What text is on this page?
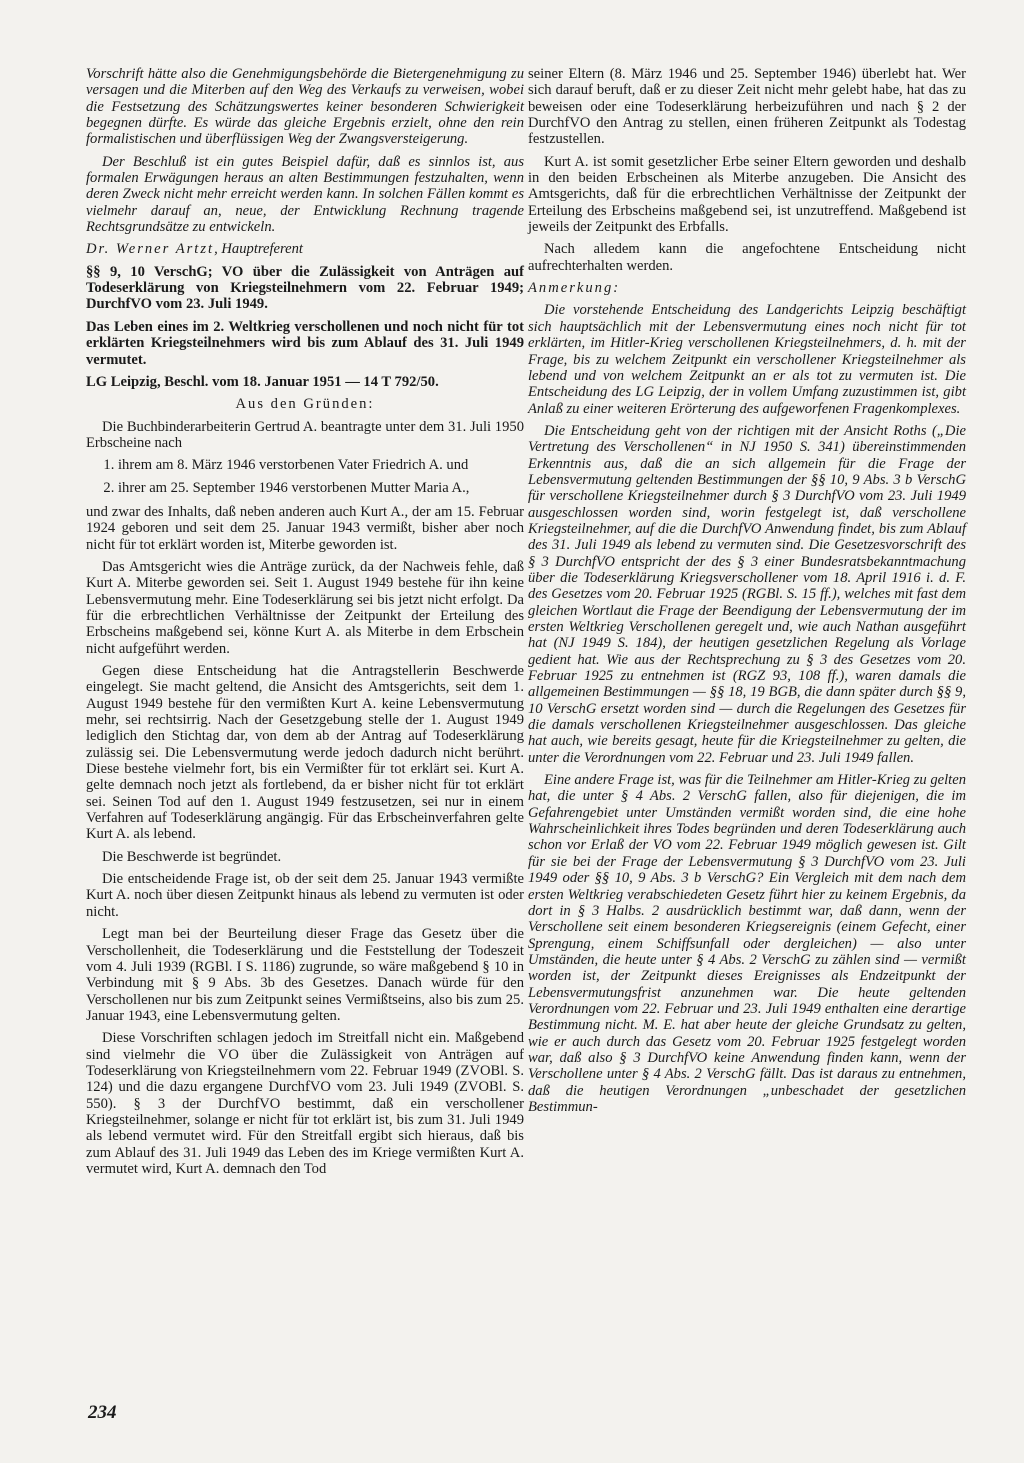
Vorschrift hätte also die Genehmigungsbehörde die Bietergenehmigung zu versagen und die Miterben auf den Weg des Verkaufs zu verweisen, wobei die Festsetzung des Schätzungswertes keiner besonderen Schwierigkeit begegnen dürfte. Es würde das gleiche Ergebnis erzielt, ohne den rein formalistischen und überflüssigen Weg der Zwangsversteigerung.

Der Beschluß ist ein gutes Beispiel dafür, daß es sinnlos ist, aus formalen Erwägungen heraus an alten Bestimmungen festzuhalten, wenn deren Zweck nicht mehr erreicht werden kann. In solchen Fällen kommt es vielmehr darauf an, neue, der Entwicklung Rechnung tragende Rechtsgrundsätze zu entwickeln.

Dr. Werner Artzt, Hauptreferent

§§ 9, 10 VerschG; VO über die Zulässigkeit von Anträgen auf Todeserklärung von Kriegsteilnehmern vom 22. Februar 1949; DurchfVO vom 23. Juli 1949.

Das Leben eines im 2. Weltkrieg verschollenen und noch nicht für tot erklärten Kriegsteilnehmers wird bis zum Ablauf des 31. Juli 1949 vermutet.

LG Leipzig, Beschl. vom 18. Januar 1951 — 14 T 792/50.

Aus den Gründen:

Die Buchbinderarbeiterin Gertrud A. beantragte unter dem 31. Juli 1950 Erbscheine nach

1. ihrem am 8. März 1946 verstorbenen Vater Friedrich A. und
2. ihrer am 25. September 1946 verstorbenen Mutter Maria A.,

und zwar des Inhalts, daß neben anderen auch Kurt A., der am 15. Februar 1924 geboren und seit dem 25. Januar 1943 vermißt, bisher aber noch nicht für tot erklärt worden ist, Miterbe geworden ist.

Das Amtsgericht wies die Anträge zurück, da der Nachweis fehle, daß Kurt A. Miterbe geworden sei. Seit 1. August 1949 bestehe für ihn keine Lebensvermutung mehr. Eine Todeserklärung sei bis jetzt nicht erfolgt. Da für die erbrechtlichen Verhältnisse der Zeitpunkt der Erteilung des Erbscheins maßgebend sei, könne Kurt A. als Miterbe in dem Erbschein nicht aufgeführt werden.

Gegen diese Entscheidung hat die Antragstellerin Beschwerde eingelegt. Sie macht geltend, die Ansicht des Amtsgerichts, seit dem 1. August 1949 bestehe für den vermißten Kurt A. keine Lebensvermutung mehr, sei rechtsirrig. Nach der Gesetzgebung stelle der 1. August 1949 lediglich den Stichtag dar, von dem ab der Antrag auf Todeserklärung zulässig sei. Die Lebensvermutung werde jedoch dadurch nicht berührt. Diese bestehe vielmehr fort, bis ein Vermißter für tot erklärt sei. Kurt A. gelte demnach noch jetzt als fortlebend, da er bisher nicht für tot erklärt sei. Seinen Tod auf den 1. August 1949 festzusetzen, sei nur in einem Verfahren auf Todeserklärung angängig. Für das Erbscheinverfahren gelte Kurt A. als lebend.

Die Beschwerde ist begründet.

Die entscheidende Frage ist, ob der seit dem 25. Januar 1943 vermißte Kurt A. noch über diesen Zeitpunkt hinaus als lebend zu vermuten ist oder nicht.

Legt man bei der Beurteilung dieser Frage das Gesetz über die Verschollenheit, die Todeserklärung und die Feststellung der Todeszeit vom 4. Juli 1939 (RGBl. I S. 1186) zugrunde, so wäre maßgebend § 10 in Verbindung mit § 9 Abs. 3b des Gesetzes. Danach würde für den Verschollenen nur bis zum Zeitpunkt seines Vermißtseins, also bis zum 25. Januar 1943, eine Lebensvermutung gelten.

Diese Vorschriften schlagen jedoch im Streitfall nicht ein. Maßgebend sind vielmehr die VO über die Zulässigkeit von Anträgen auf Todeserklärung von Kriegsteilnehmern vom 22. Februar 1949 (ZVOBl. S. 124) und die dazu ergangene DurchfVO vom 23. Juli 1949 (ZVOBl. S. 550). § 3 der DurchfVO bestimmt, daß ein verschollener Kriegsteilnehmer, solange er nicht für tot erklärt ist, bis zum 31. Juli 1949 als lebend vermutet wird. Für den Streitfall ergibt sich hieraus, daß bis zum Ablauf des 31. Juli 1949 das Leben des im Kriege vermißten Kurt A. vermutet wird, Kurt A. demnach den Tod

seiner Eltern (8. März 1946 und 25. September 1946) überlebt hat. Wer sich darauf beruft, daß er zu dieser Zeit nicht mehr gelebt habe, hat das zu beweisen oder eine Todeserklärung herbeizuführen und nach § 2 der DurchfVO den Antrag zu stellen, einen früheren Zeitpunkt als Todestag festzustellen.

Kurt A. ist somit gesetzlicher Erbe seiner Eltern geworden und deshalb in den beiden Erbscheinen als Miterbe anzugeben. Die Ansicht des Amtsgerichts, daß für die erbrechtlichen Verhältnisse der Zeitpunkt der Erteilung des Erbscheins maßgebend sei, ist unzutreffend. Maßgebend ist jeweils der Zeitpunkt des Erbfalls.

Nach alledem kann die angefochtene Entscheidung nicht aufrechterhalten werden.

Anmerkung:

Die vorstehende Entscheidung des Landgerichts Leipzig beschäftigt sich hauptsächlich mit der Lebensvermutung eines noch nicht für tot erklärten, im Hitler-Krieg verschollenen Kriegsteilnehmers, d. h. mit der Frage, bis zu welchem Zeitpunkt ein verschollener Kriegsteilnehmer als lebend und von welchem Zeitpunkt an er als tot zu vermuten ist. Die Entscheidung des LG Leipzig, der in vollem Umfang zuzustimmen ist, gibt Anlaß zu einer weiteren Erörterung des aufgeworfenen Fragenkomplexes.

Die Entscheidung geht von der richtigen mit der Ansicht Roths („Die Vertretung des Verschollenen“ in NJ 1950 S. 341) übereinstimmenden Erkenntnis aus, daß die an sich allgemein für die Frage der Lebensvermutung geltenden Bestimmungen der §§ 10, 9 Abs. 3 b VerschG für verschollene Kriegsteilnehmer durch § 3 DurchfVO vom 23. Juli 1949 ausgeschlossen worden sind, worin festgelegt ist, daß verschollene Kriegsteilnehmer, auf die die DurchfVO Anwendung findet, bis zum Ablauf des 31. Juli 1949 als lebend zu vermuten sind. Die Gesetzesvorschrift des § 3 DurchfVO entspricht der des § 3 einer Bundesratsbekanntmachung über die Todeserklärung Kriegsverschollener vom 18. April 1916 i. d. F. des Gesetzes vom 20. Februar 1925 (RGBl. S. 15 ff.), welches mit fast dem gleichen Wortlaut die Frage der Beendigung der Lebensvermutung der im ersten Weltkrieg Verschollenen geregelt und, wie auch Nathan ausgeführt hat (NJ 1949 S. 184), der heutigen gesetzlichen Regelung als Vorlage gedient hat. Wie aus der Rechtsprechung zu § 3 des Gesetzes vom 20. Februar 1925 zu entnehmen ist (RGZ 93, 108 ff.), waren damals die allgemeinen Bestimmungen — §§ 18, 19 BGB, die dann später durch §§ 9, 10 VerschG ersetzt worden sind — durch die Regelungen des Gesetzes für die damals verschollenen Kriegsteilnehmer ausgeschlossen. Das gleiche hat auch, wie bereits gesagt, heute für die Kriegsteilnehmer zu gelten, die unter die Verordnungen vom 22. Februar und 23. Juli 1949 fallen.

Eine andere Frage ist, was für die Teilnehmer am Hitler-Krieg zu gelten hat, die unter § 4 Abs. 2 VerschG fallen, also für diejenigen, die im Gefahrengebiet unter Umständen vermißt worden sind, die eine hohe Wahrscheinlichkeit ihres Todes begründen und deren Todeserklärung auch schon vor Erlaß der VO vom 22. Februar 1949 möglich gewesen ist. Gilt für sie bei der Frage der Lebensvermutung § 3 DurchfVO vom 23. Juli 1949 oder §§ 10, 9 Abs. 3 b VerschG? Ein Vergleich mit dem nach dem ersten Weltkrieg verabschiedeten Gesetz führt hier zu keinem Ergebnis, da dort in § 3 Halbs. 2 ausdrücklich bestimmt war, daß dann, wenn der Verschollene seit einem besonderen Kriegsereignis (einem Gefecht, einer Sprengung, einem Schiffsunfall oder dergleichen) — also unter Umständen, die heute unter § 4 Abs. 2 VerschG zu zählen sind — vermißt worden ist, der Zeitpunkt dieses Ereignisses als Endzeitpunkt der Lebensvermutungsfrist anzunehmen war. Die heute geltenden Verordnungen vom 22. Februar und 23. Juli 1949 enthalten eine derartige Bestimmung nicht. M. E. hat aber heute der gleiche Grundsatz zu gelten, wie er auch durch das Gesetz vom 20. Februar 1925 festgelegt worden war, daß also § 3 DurchfVO keine Anwendung finden kann, wenn der Verschollene unter § 4 Abs. 2 VerschG fällt. Das ist daraus zu entnehmen, daß die heutigen Verordnungen „unbeschadet der gesetzlichen Bestimmun-

234
